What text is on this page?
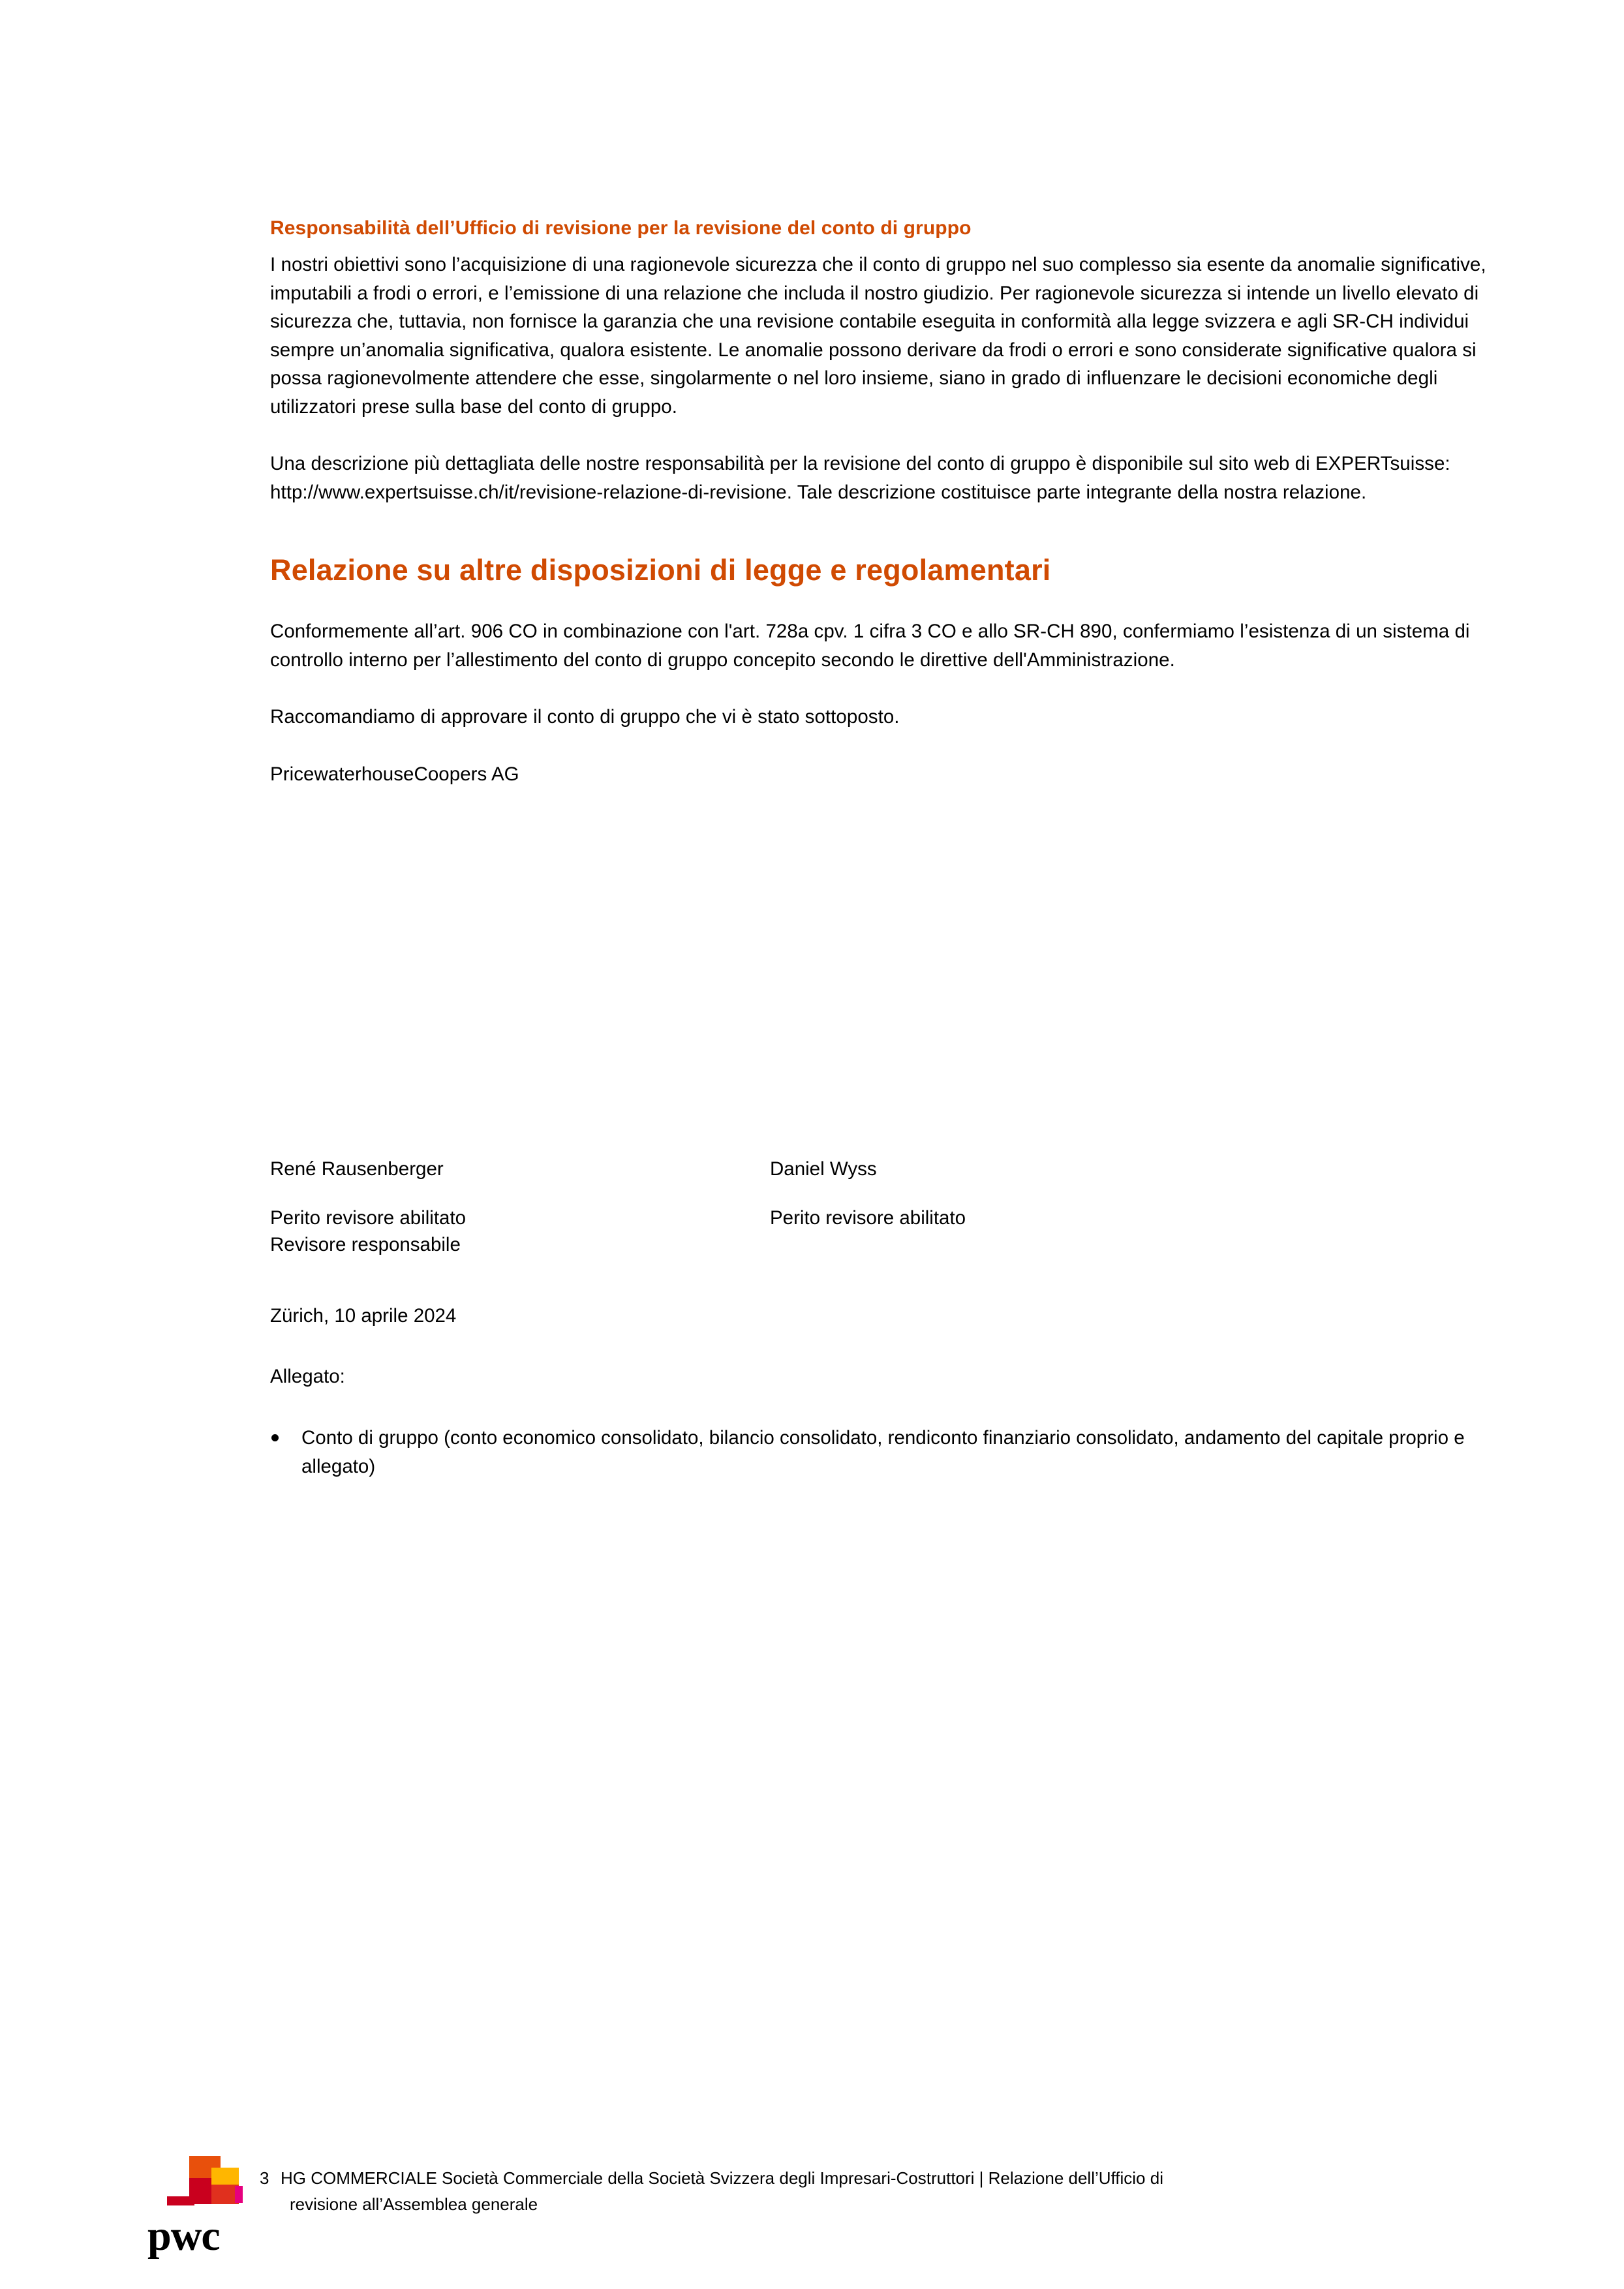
Responsabilità dell’Ufficio di revisione per la revisione del conto di gruppo

I nostri obiettivi sono l’acquisizione di una ragionevole sicurezza che il conto di gruppo nel suo complesso sia esente da anomalie significative, imputabili a frodi o errori, e l’emissione di una relazione che includa il nostro giudizio. Per ragionevole sicurezza si intende un livello elevato di sicurezza che, tuttavia, non fornisce la garanzia che una revisione contabile eseguita in conformità alla legge svizzera e agli SR-CH individui sempre un’anomalia significativa, qualora esistente. Le anomalie possono derivare da frodi o errori e sono considerate significative qualora si possa ragionevolmente attendere che esse, singolarmente o nel loro insieme, siano in grado di influenzare le decisioni economiche degli utilizzatori prese sulla base del conto di gruppo.

Una descrizione più dettagliata delle nostre responsabilità per la revisione del conto di gruppo è disponibile sul sito web di EXPERTsuisse: http://www.expertsuisse.ch/it/revisione-relazione-di-revisione. Tale descrizione costituisce parte integrante della nostra relazione.

Relazione su altre disposizioni di legge e regolamentari

Conformemente all’art. 906 CO in combinazione con l'art. 728a cpv. 1 cifra 3 CO e allo SR-CH 890, confermiamo l’esistenza di un sistema di controllo interno per l’allestimento del conto di gruppo concepito secondo le direttive dell'Amministrazione.

Raccomandiamo di approvare il conto di gruppo che vi è stato sottoposto.

PricewaterhouseCoopers AG

René Rausenberger

Perito revisore abilitato

Revisore responsabile

Daniel Wyss

Perito revisore abilitato

Zürich, 10 aprile 2024
Allegato:
Conto di gruppo (conto economico consolidato, bilancio consolidato, rendiconto finanziario consolidato, andamento del capitale proprio e allegato)
pwc
3 HG COMMERCIALE Società Commerciale della Società Svizzera degli Impresari-Costruttori | Relazione dell’Ufficio di
revisione all’Assemblea generale
